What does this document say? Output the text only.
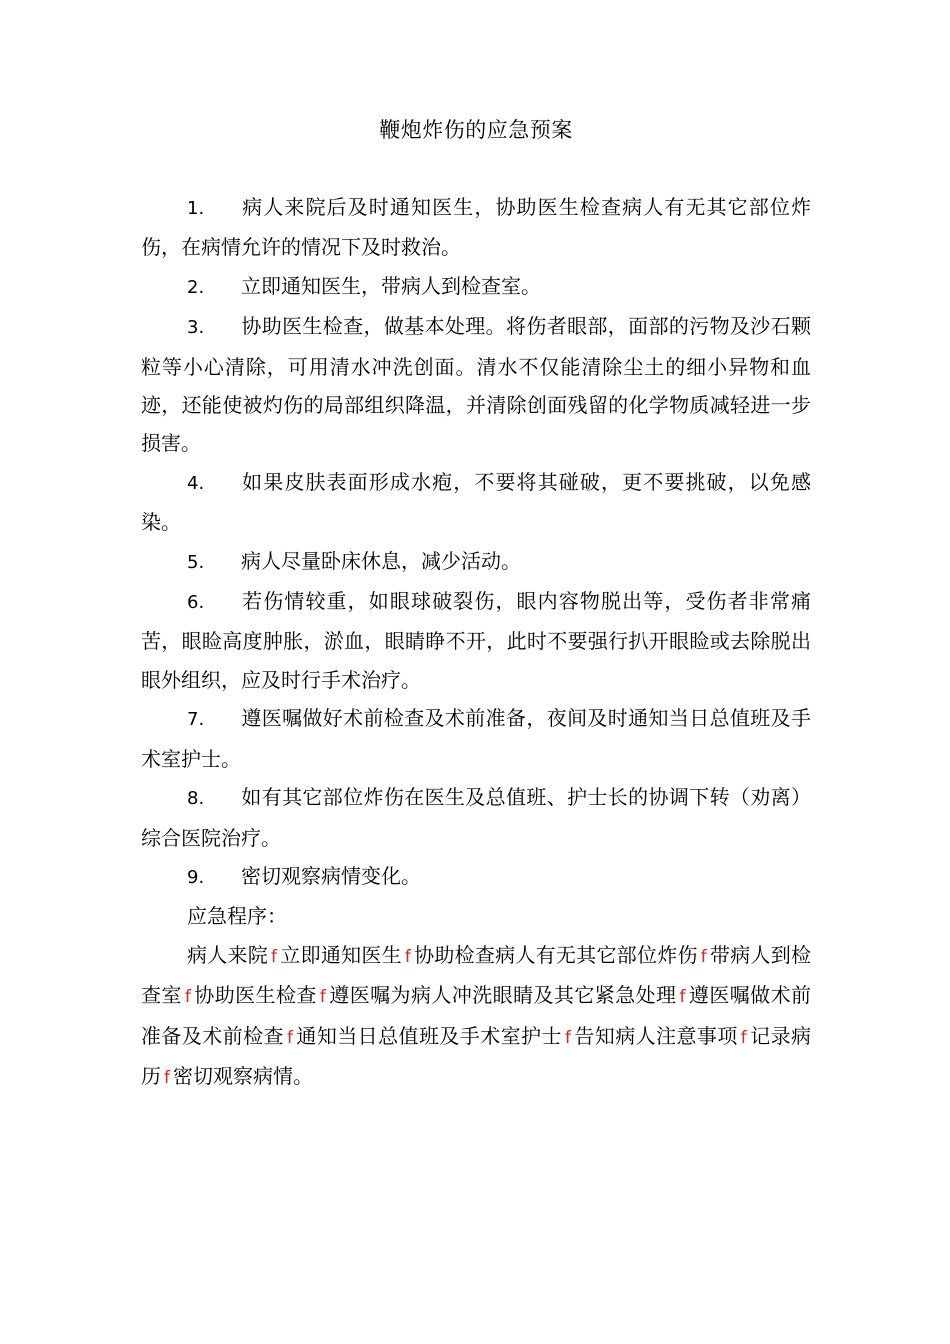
鞭炮炸伤的应急预案

1. 病人来院后及时通知医生，协助医生检查病人有无其它部位炸伤，在病情允许的情况下及时救治。

2. 立即通知医生，带病人到检查室。

3. 协助医生检查，做基本处理。将伤者眼部，面部的污物及沙石颗粒等小心清除，可用清水冲洗创面。清水不仅能清除尘土的细小异物和血迹，还能使被灼伤的局部组织降温，并清除创面残留的化学物质减轻进一步损害。

4. 如果皮肤表面形成水疱，不要将其碰破，更不要挑破，以免感染。

5. 病人尽量卧床休息，减少活动。

6. 若伤情较重，如眼球破裂伤，眼内容物脱出等，受伤者非常痛苦，眼睑高度肿胀，淤血，眼睛睁不开，此时不要强行扒开眼睑或去除脱出眼外组织，应及时行手术治疗。

7. 遵医嘱做好术前检查及术前准备，夜间及时通知当日总值班及手术室护士。

8. 如有其它部位炸伤在医生及总值班、护士长的协调下转（劝离）综合医院治疗。

9. 密切观察病情变化。

应急程序：

病人来院 f 立即通知医生 f 协助检查病人有无其它部位炸伤 f 带病人到检查室 f 协助医生检查 f 遵医嘱为病人冲洗眼睛及其它紧急处理 f 遵医嘱做术前准备及术前检查 f 通知当日总值班及手术室护士 f 告知病人注意事项 f 记录病历 f 密切观察病情。
